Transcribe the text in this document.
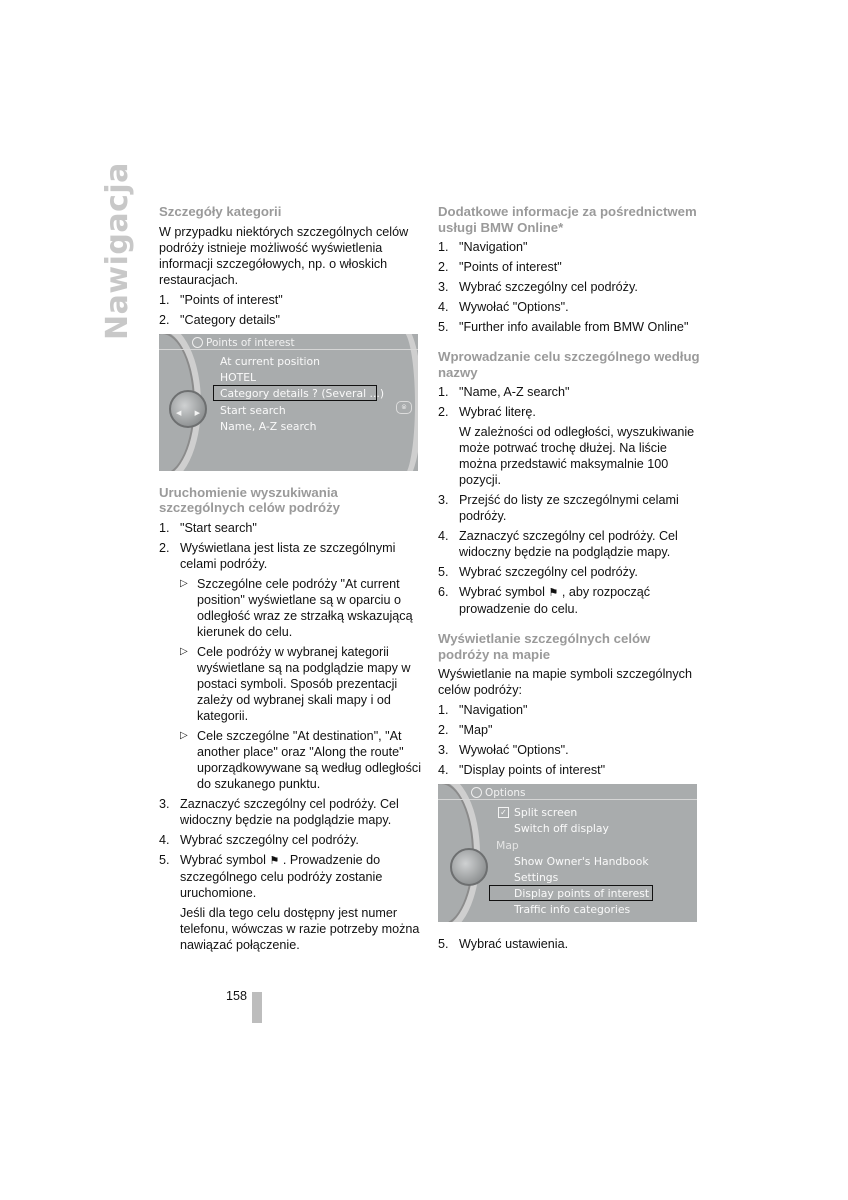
Nawigacja	Szczegóły kategorii
W przypadku niektórych szczególnych celów podróży istnieje możliwość wyświetlenia informacji szczegółowych, np. o włoskich restauracjach.
1. "Points of interest"
2. "Category details"
Points of interest
At current position
HOTEL
Category details ? (Several ...)
Start search
Name, A-Z search
◀ ▶
⦾
Uruchomienie wyszukiwania szczególnych celów podróży
1. "Start search"
2. Wyświetlana jest lista ze szczególnymi celami podróży.
▷ Szczególne cele podróży "At current position" wyświetlane są w oparciu o odległość wraz ze strzałką wskazującą kierunek do celu.
▷ Cele podróży w wybranej kategorii wyświetlane są na podglądzie mapy w postaci symboli. Sposób prezentacji zależy od wybranej skali mapy i od kategorii.
▷ Cele szczególne "At destination", "At another place" oraz "Along the route" uporządkowywane są według odległości do szukanego punktu.
3. Zaznaczyć szczególny cel podróży. Cel widoczny będzie na podglądzie mapy.
4. Wybrać szczególny cel podróży.
5. Wybrać symbol ⚑ . Prowadzenie do szczególnego celu podróży zostanie uruchomione.
Jeśli dla tego celu dostępny jest numer telefonu, wówczas w razie potrzeby można nawiązać połączenie.
Dodatkowe informacje za pośrednictwem usługi BMW Online*
1. "Navigation"
2. "Points of interest"
3. Wybrać szczególny cel podróży.
4. Wywołać "Options".
5. "Further info available from BMW Online"
Wprowadzanie celu szczególnego według nazwy
1. "Name, A-Z search"
2. Wybrać literę.
W zależności od odległości, wyszukiwanie może potrwać trochę dłużej. Na liście można przedstawić maksymalnie 100 pozycji.
3. Przejść do listy ze szczególnymi celami podróży.
4. Zaznaczyć szczególny cel podróży. Cel widoczny będzie na podglądzie mapy.
5. Wybrać szczególny cel podróży.
6. Wybrać symbol ⚑ , aby rozpocząć prowadzenie do celu.
Wyświetlanie szczególnych celów podróży na mapie
Wyświetlanie na mapie symboli szczególnych celów podróży:
1. "Navigation"
2. "Map"
3. Wywołać "Options".
4. "Display points of interest"
Options
✓ Split screen
Switch off display
Map
Show Owner's Handbook
Settings
Display points of interest
Traffic info categories
5. Wybrać ustawienia.
158
